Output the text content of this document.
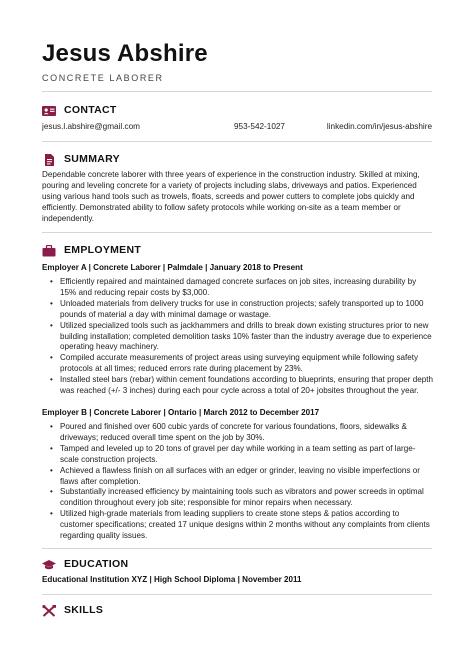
Jesus Abshire
CONCRETE LABORER
CONTACT
jesus.l.abshire@gmail.com	953-542-1027	linkedin.com/in/jesus-abshire
SUMMARY

Dependable concrete laborer with three years of experience in the construction industry. Skilled at mixing, pouring and leveling concrete for a variety of projects including slabs, driveways and patios. Experienced using various hand tools such as trowels, floats, screeds and power cutters to complete jobs quickly and efficiently. Demonstrated ability to follow safety protocols while working on-site as a team member or independently.

EMPLOYMENT
Employer A | Concrete Laborer | Palmdale | January 2018 to Present
• Efficiently repaired and maintained damaged concrete surfaces on job sites, increasing durability by 15% and reducing repair costs by $3,000.
• Unloaded materials from delivery trucks for use in construction projects; safely transported up to 1000 pounds of material a day with minimal damage or wastage.
• Utilized specialized tools such as jackhammers and drills to break down existing structures prior to new building installation; completed demolition tasks 10% faster than the industry average due to experience operating heavy machinery.
• Compiled accurate measurements of project areas using surveying equipment while following safety protocols at all times; reduced errors rate during placement by 23%.
• Installed steel bars (rebar) within cement foundations according to blueprints, ensuring that proper depth was reached (+/- 3 inches) during each pour cycle across a total of 20+ jobsites throughout the year.
Employer B | Concrete Laborer | Ontario | March 2012 to December 2017
• Poured and finished over 600 cubic yards of concrete for various foundations, floors, sidewalks & driveways; reduced overall time spent on the job by 30%.
• Tamped and leveled up to 20 tons of gravel per day while working in a team setting as part of large-scale construction projects.
• Achieved a flawless finish on all surfaces with an edger or grinder, leaving no visible imperfections or flaws after completion.
• Substantially increased efficiency by maintaining tools such as vibrators and power screeds in optimal condition throughout every job site; responsible for minor repairs when necessary.
• Utilized high-grade materials from leading suppliers to create stone steps & patios according to customer specifications; created 17 unique designs within 2 months without any complaints from clients regarding quality issues.
EDUCATION
Educational Institution XYZ | High School Diploma | November 2011
SKILLS
